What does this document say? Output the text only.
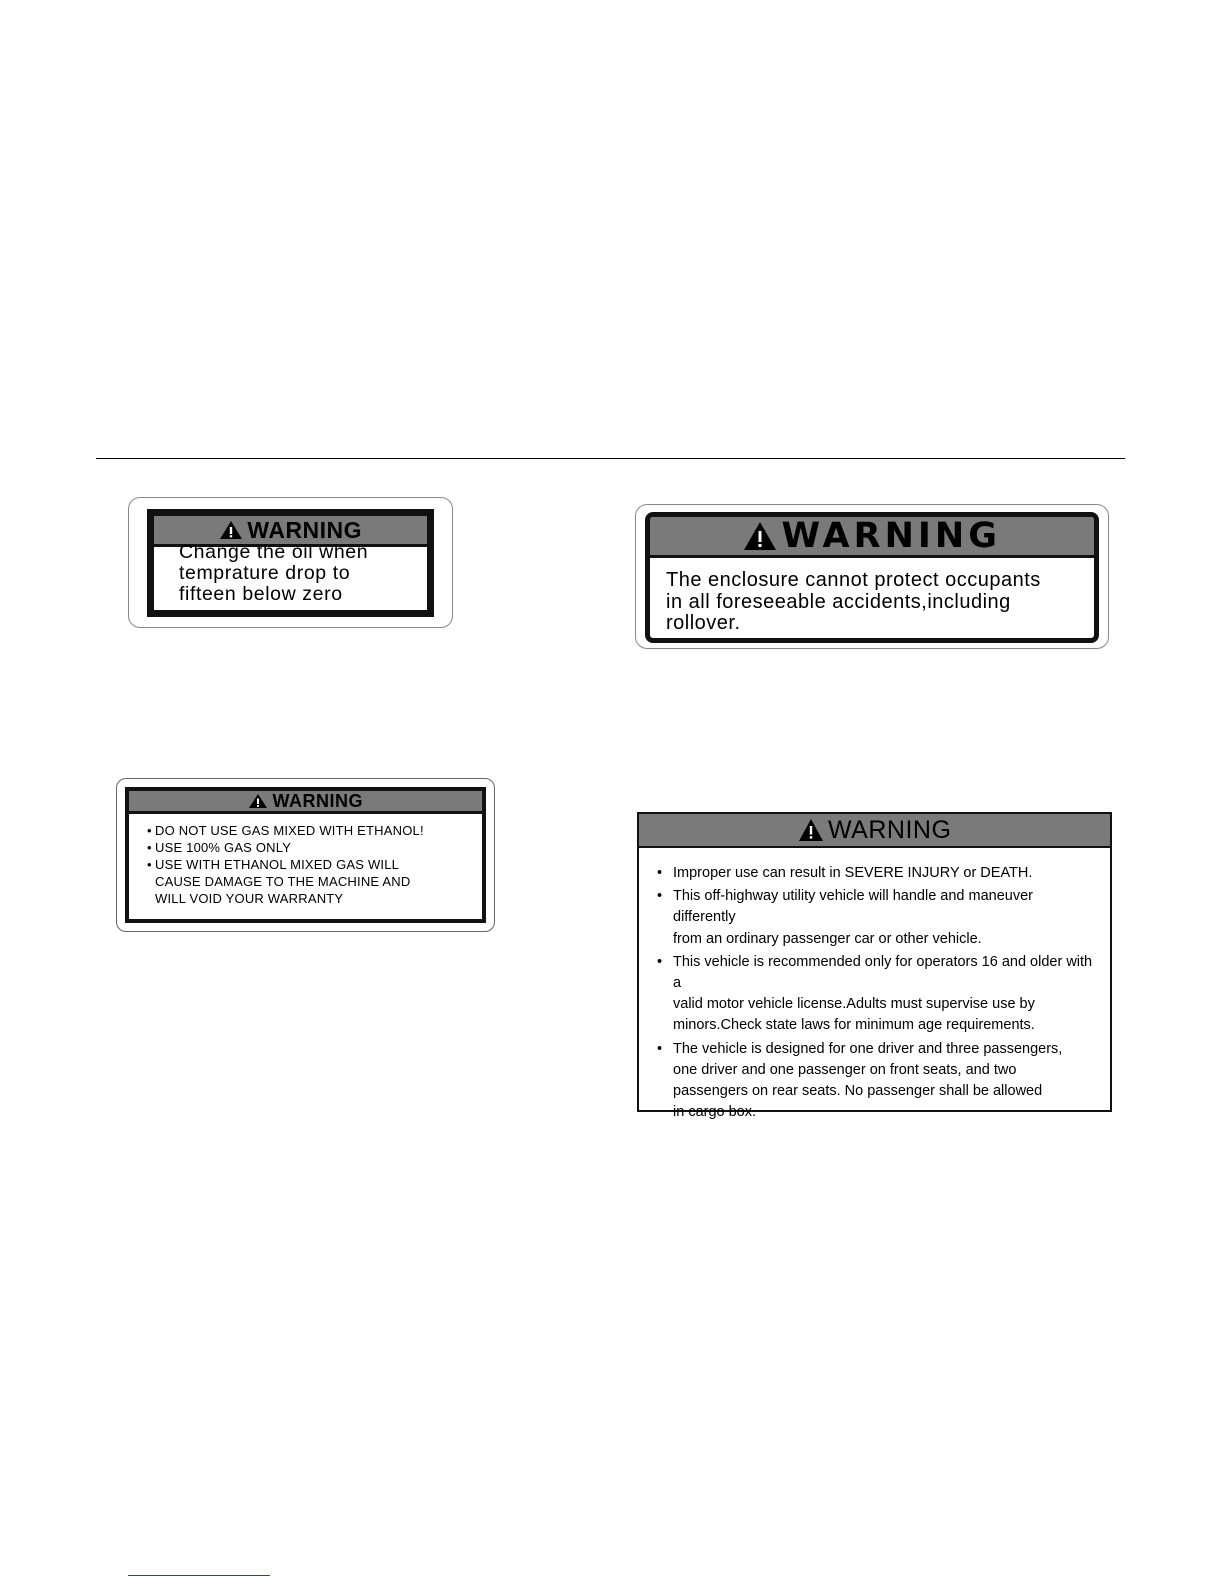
WARNING
Change the oil when
temprature drop to
fifteen below zero
WARNING
The enclosure cannot protect occupants
in all foreseeable accidents,including
rollover.
WARNING
• DO NOT USE GAS MIXED WITH ETHANOL!
• USE 100% GAS ONLY
• USE WITH ETHANOL MIXED GAS WILL
CAUSE DAMAGE TO THE MACHINE AND
WILL VOID YOUR WARRANTY
WARNING
• Improper use can result in SEVERE INJURY or DEATH.
• This off-highway utility vehicle will handle and maneuver differently
from an ordinary passenger car or other vehicle.
• This vehicle is recommended only for operators 16 and older with a
valid motor vehicle license.Adults must supervise use by
minors.Check state laws for minimum age requirements.
• The vehicle is designed for one driver and three passengers,
one driver and one passenger on front seats, and two
passengers on rear seats. No passenger shall be allowed
in cargo box.
